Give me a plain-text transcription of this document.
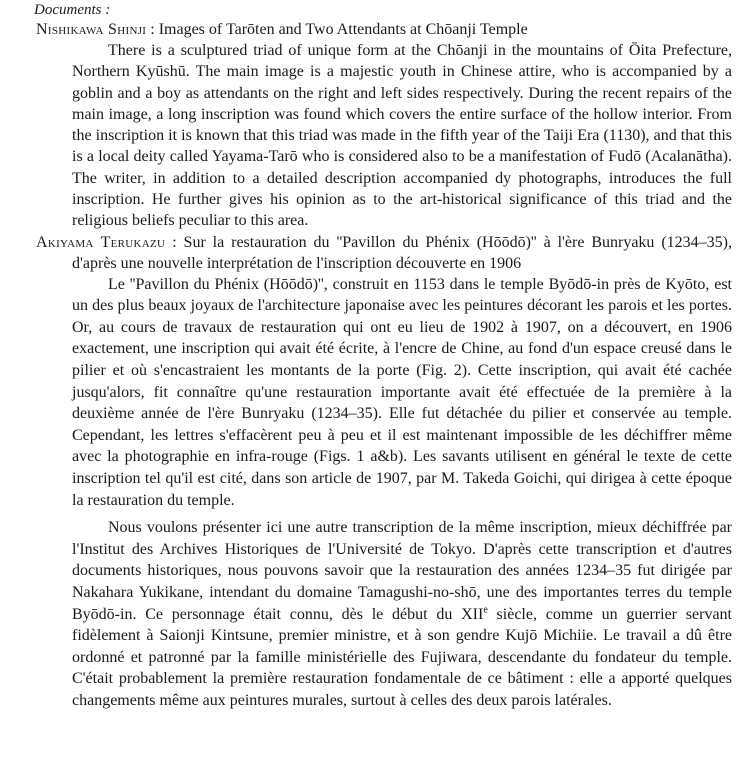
Documents :
Nishikawa Shinji : Images of Tarōten and Two Attendants at Chōanji Temple

There is a sculptured triad of unique form at the Chōanji in the mountains of Ōita Prefecture, Northern Kyūshū. The main image is a majestic youth in Chinese attire, who is accompanied by a goblin and a boy as attendants on the right and left sides respectively. During the recent repairs of the main image, a long inscription was found which covers the entire surface of the hollow interior. From the inscription it is known that this triad was made in the fifth year of the Taiji Era (1130), and that this is a local deity called Yayama-Tarō who is considered also to be a manifestation of Fudō (Acalanātha). The writer, in addition to a detailed description accompanied dy photographs, introduces the full inscription. He further gives his opinion as to the art-historical significance of this triad and the religious beliefs peculiar to this area.

Akiyama Terukazu : Sur la restauration du ''Pavillon du Phénix (Hōōdō)'' à l'ère Bunryaku (1234–35), d'après une nouvelle interprétation de l'inscription découverte en 1906

Le ''Pavillon du Phénix (Hōōdō)'', construit en 1153 dans le temple Byōdō-in près de Kyōto, est un des plus beaux joyaux de l'architecture japonaise avec les peintures décorant les parois et les portes. Or, au cours de travaux de restauration qui ont eu lieu de 1902 à 1907, on a découvert, en 1906 exactement, une inscription qui avait été écrite, à l'encre de Chine, au fond d'un espace creusé dans le pilier et où s'encastraient les montants de la porte (Fig. 2). Cette inscription, qui avait été cachée jusqu'alors, fit connaître qu'une restauration importante avait été effectuée de la première à la deuxième année de l'ère Bunryaku (1234–35). Elle fut détachée du pilier et conservée au temple. Cependant, les lettres s'effacèrent peu à peu et il est maintenant impossible de les déchiffrer même avec la photographie en infra-rouge (Figs. 1 a&b). Les savants utilisent en général le texte de cette inscription tel qu'il est cité, dans son article de 1907, par M. Takeda Goichi, qui dirigea à cette époque la restauration du temple.

Nous voulons présenter ici une autre transcription de la même inscription, mieux déchiffrée par l'Institut des Archives Historiques de l'Université de Tokyo. D'après cette transcription et d'autres documents historiques, nous pouvons savoir que la restauration des années 1234–35 fut dirigée par Nakahara Yukikane, intendant du domaine Tamagushi-no-shō, une des importantes terres du temple Byōdō-in. Ce personnage était connu, dès le début du XIIe siècle, comme un guerrier servant fidèlement à Saionji Kintsune, premier ministre, et à son gendre Kujō Michiie. Le travail a dû être ordonné et patronné par la famille ministérielle des Fujiwara, descendante du fondateur du temple. C'était probablement la première restauration fondamentale de ce bâtiment : elle a apporté quelques changements même aux peintures murales, surtout à celles des deux parois latérales.
